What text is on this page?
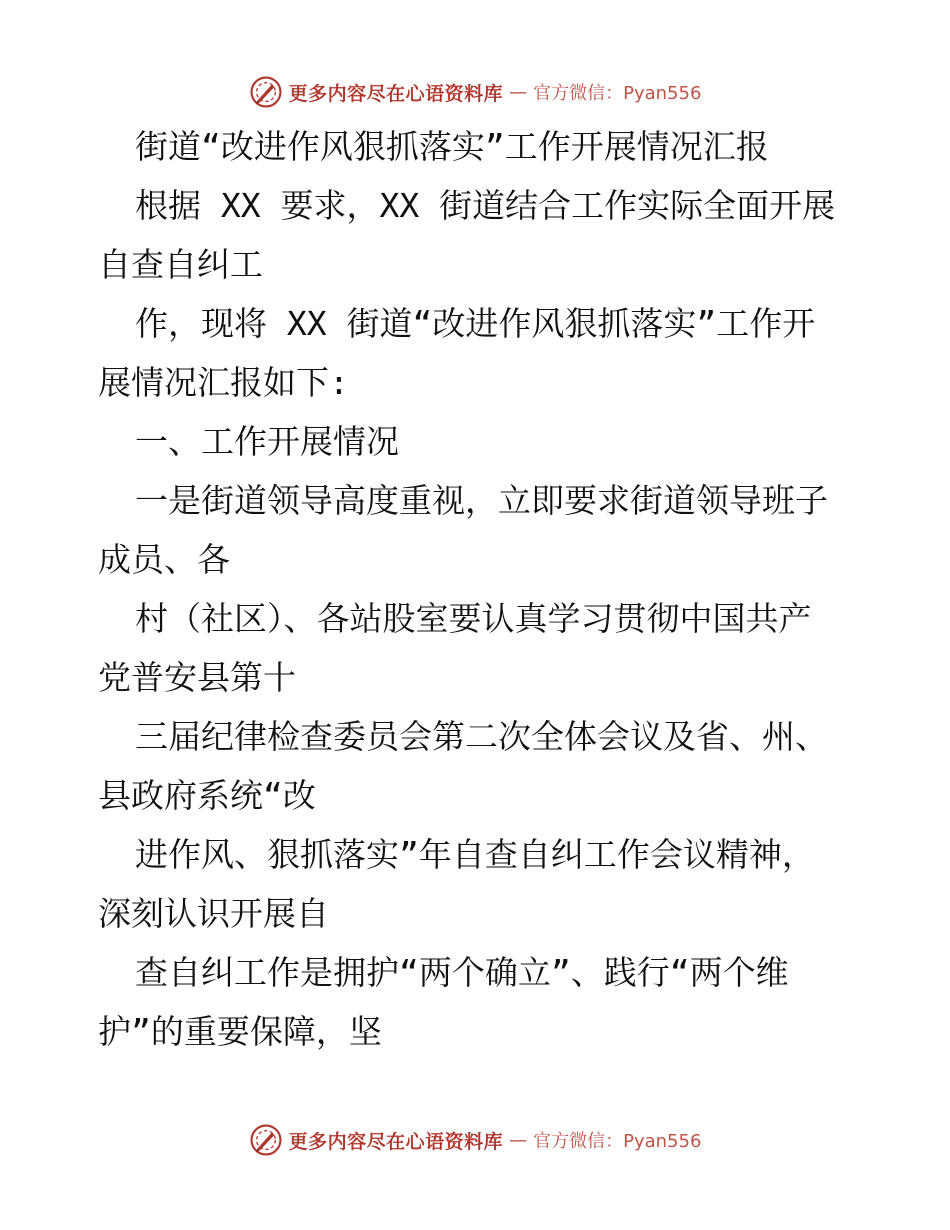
更多内容尽在心语资料库 — 官方微信：Pyan556
街道“改进作风狠抓落实”工作开展情况汇报
根据 XX 要求，XX 街道结合工作实际全面开展
自查自纠工
作，现将 XX 街道“改进作风狠抓落实”工作开
展情况汇报如下:
一、工作开展情况
一是街道领导高度重视，立即要求街道领导班子
成员、各
村（社区）、各站股室要认真学习贯彻中国共产
党普安县第十
三届纪律检查委员会第二次全体会议及省、州、
县政府系统“改
进作风、狠抓落实”年自查自纠工作会议精神，
深刻认识开展自
查自纠工作是拥护“两个确立”、践行“两个维
护”的重要保障，坚
更多内容尽在心语资料库 — 官方微信：Pyan556
